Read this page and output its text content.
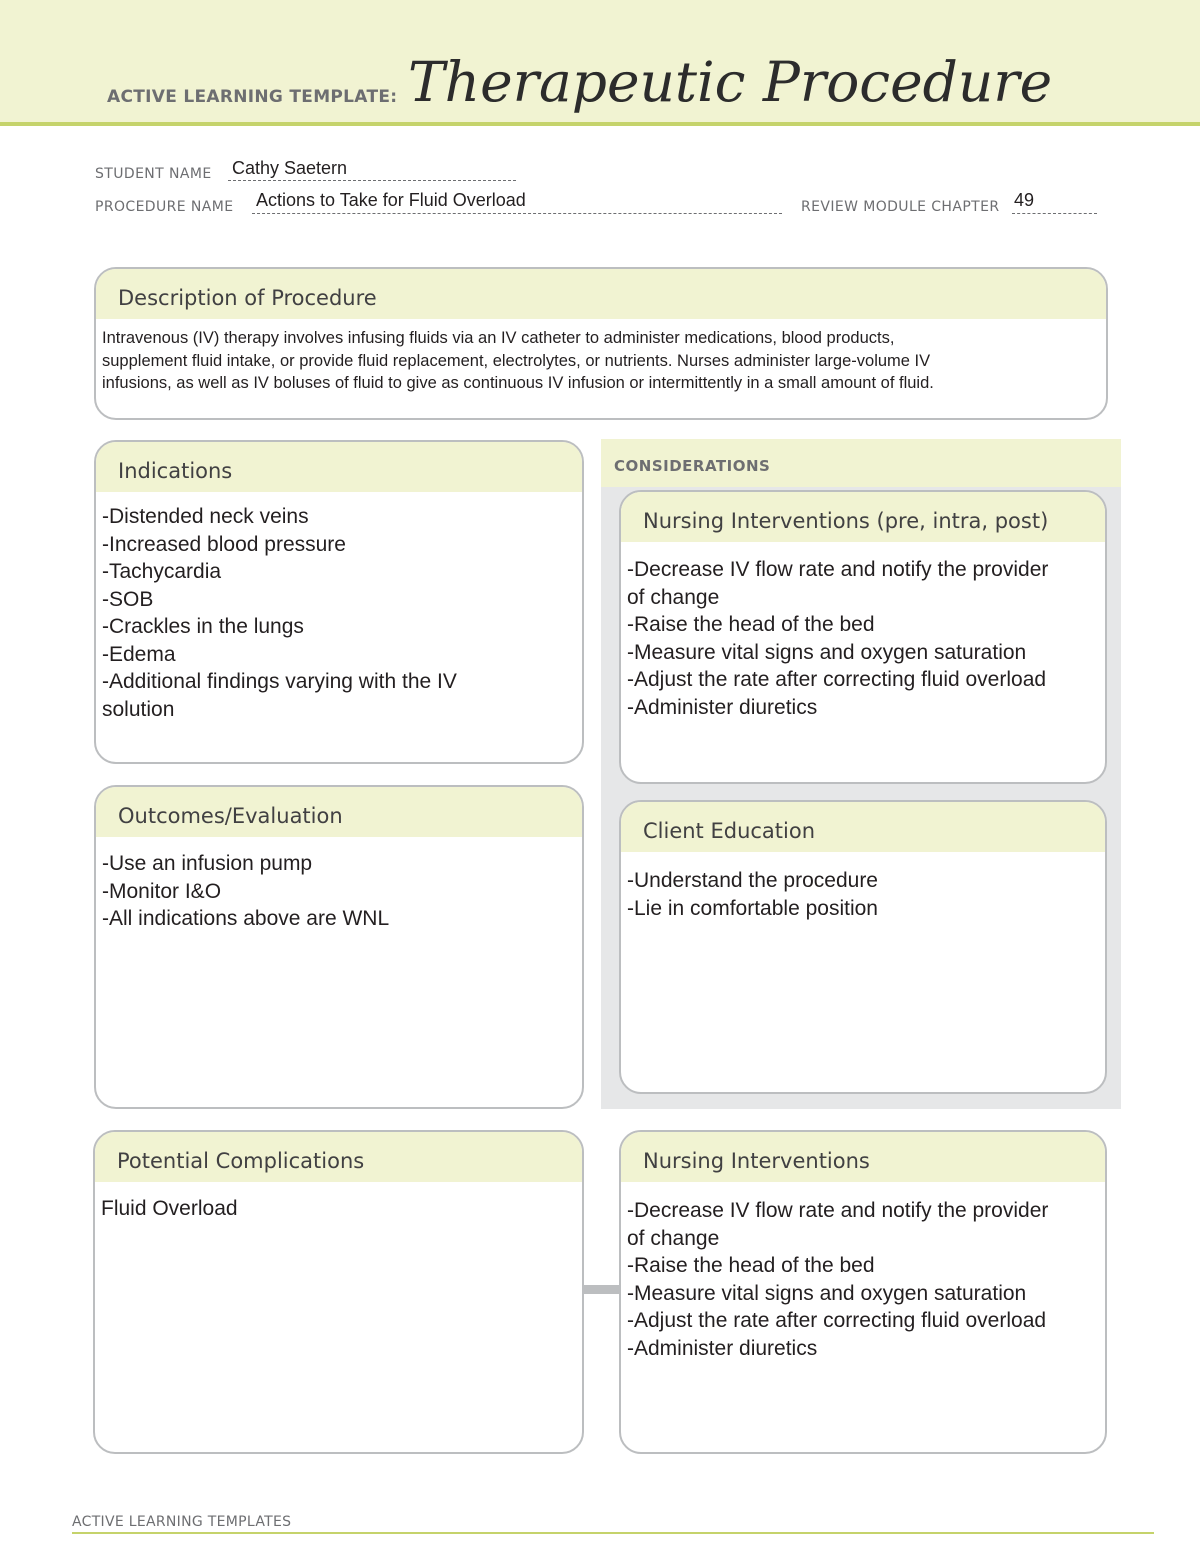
ACTIVE LEARNING TEMPLATE: Therapeutic Procedure
STUDENT NAME Cathy Saetern
PROCEDURE NAME Actions to Take for Fluid Overload	REVIEW MODULE CHAPTER 49
Description of Procedure
Intravenous (IV) therapy involves infusing fluids via an IV catheter to administer medications, blood products,
supplement fluid intake, or provide fluid replacement, electrolytes, or nutrients. Nurses administer large-volume IV
infusions, as well as IV boluses of fluid to give as continuous IV infusion or intermittently in a small amount of fluid.
CONSIDERATIONS
Indications
-Distended neck veins
-Increased blood pressure
-Tachycardia
-SOB
-Crackles in the lungs
-Edema
-Additional findings varying with the IV
solution
Nursing Interventions (pre, intra, post)
-Decrease IV flow rate and notify the provider
of change
-Raise the head of the bed
-Measure vital signs and oxygen saturation
-Adjust the rate after correcting fluid overload
-Administer diuretics
Outcomes/Evaluation
-Use an infusion pump
-Monitor I&O
-All indications above are WNL
Client Education
-Understand the procedure
-Lie in comfortable position
Potential Complications
Fluid Overload
Nursing Interventions
-Decrease IV flow rate and notify the provider
of change
-Raise the head of the bed
-Measure vital signs and oxygen saturation
-Adjust the rate after correcting fluid overload
-Administer diuretics
ACTIVE LEARNING TEMPLATES
